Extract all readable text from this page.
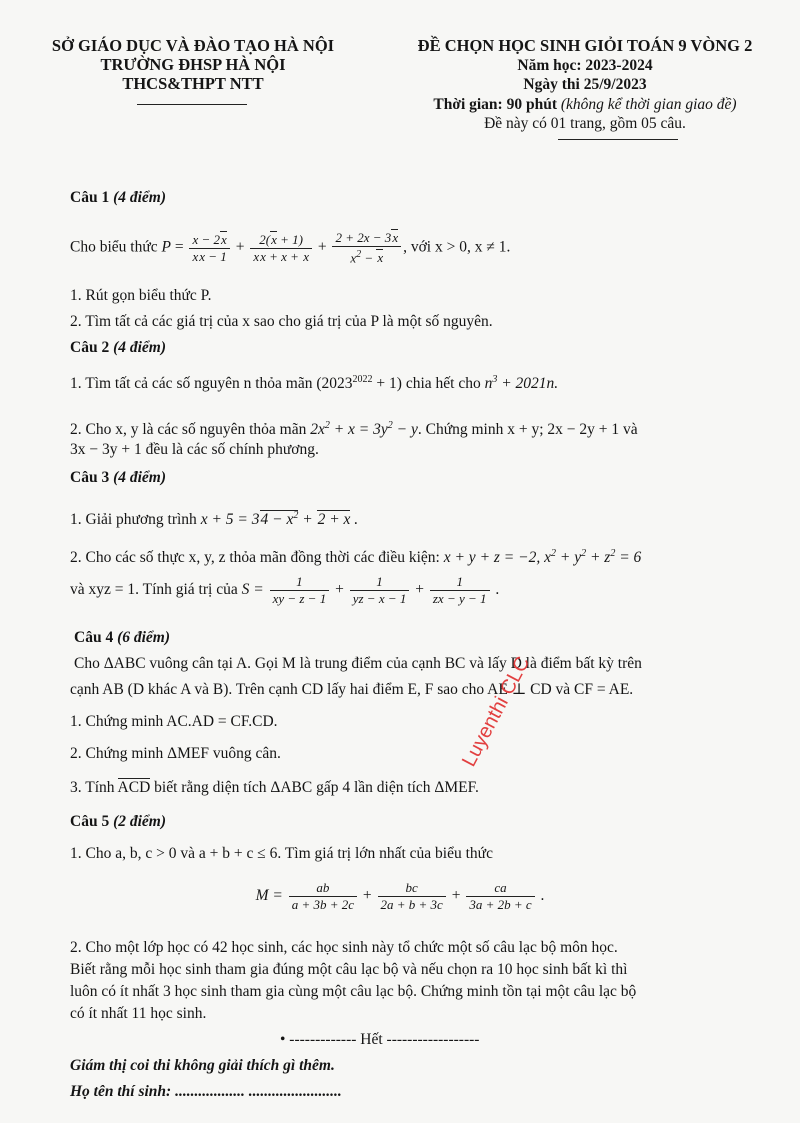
SỞ GIÁO DỤC VÀ ĐÀO TẠO HÀ NỘI
TRƯỜNG ĐHSP HÀ NỘI
THCS&THPT NTT
ĐỀ CHỌN HỌC SINH GIỎI TOÁN 9 VÒNG 2
Năm học: 2023-2024
Ngày thi 25/9/2023
Thời gian: 90 phút (không kể thời gian giao đề)
Đề này có 01 trang, gồm 05 câu.
Câu 1 (4 điểm)
Cho biểu thức $P = \frac{x - 2x}{xx - 1} + \frac{2(x + 1)}{xx + x + x} + \frac{2 + 2x - 3x}{x^2 - x}$ , với x > 0, x ≠ 1.
1. Rút gọn biểu thức P.
2. Tìm tất cả các giá trị của x sao cho giá trị của P là một số nguyên.
Câu 2 (4 điểm)
1. Tìm tất cả các số nguyên n thỏa mãn $(2023^{2022} + 1)$ chia hết cho $n^3 + 2021n$.
2. Cho x, y là các số nguyên thỏa mãn $2x^2 + x = 3y^2 - y$. Chứng minh x + y; 2x − 2y + 1 và
3x − 3y + 1 đều là các số chính phương.
Câu 3 (4 điểm)
1. Giải phương trình $x + 5 = 34 - x^2 + 2 + x$ .
2. Cho các số thực x, y, z thỏa mãn đồng thời các điều kiện: x + y + z = −2, $x^2 + y^2 + z^2 = 6$
và xyz = 1. Tính giá trị của $S = \frac{1}{xy - z - 1} + \frac{1}{yz - x - 1} + \frac{1}{zx - y - 1}$ .
Câu 4 (6 điểm)
Cho ΔABC vuông cân tại A. Gọi M là trung điểm của cạnh BC và lấy D là điểm bất kỳ trên
cạnh AB (D khác A và B). Trên cạnh CD lấy hai điểm E, F sao cho AE ⊥ CD và CF = AE.
1. Chứng minh AC.AD = CF.CD.
2. Chứng minh ΔMEF vuông cân.
3. Tính ACD biết rằng diện tích ΔABC gấp 4 lần diện tích ΔMEF.
Câu 5 (2 điểm)
1. Cho a, b, c > 0 và a + b + c ≤ 6. Tìm giá trị lớn nhất của biểu thức
$M = \frac{ab}{a + 3b + 2c} + \frac{bc}{2a + b + 3c} + \frac{ca}{3a + 2b + c}$ .
2. Cho một lớp học có 42 học sinh, các học sinh này tổ chức một số câu lạc bộ môn học.
Biết rằng mỗi học sinh tham gia đúng một câu lạc bộ và nếu chọn ra 10 học sinh bất kì thì
luôn có ít nhất 3 học sinh tham gia cùng một câu lạc bộ. Chứng minh tồn tại một câu lạc bộ
có ít nhất 11 học sinh.
• ------------- Hết ------------------
Giám thị coi thi không giải thích gì thêm.
Họ tên thí sinh: .................. ........................
Luyenthi CLC
